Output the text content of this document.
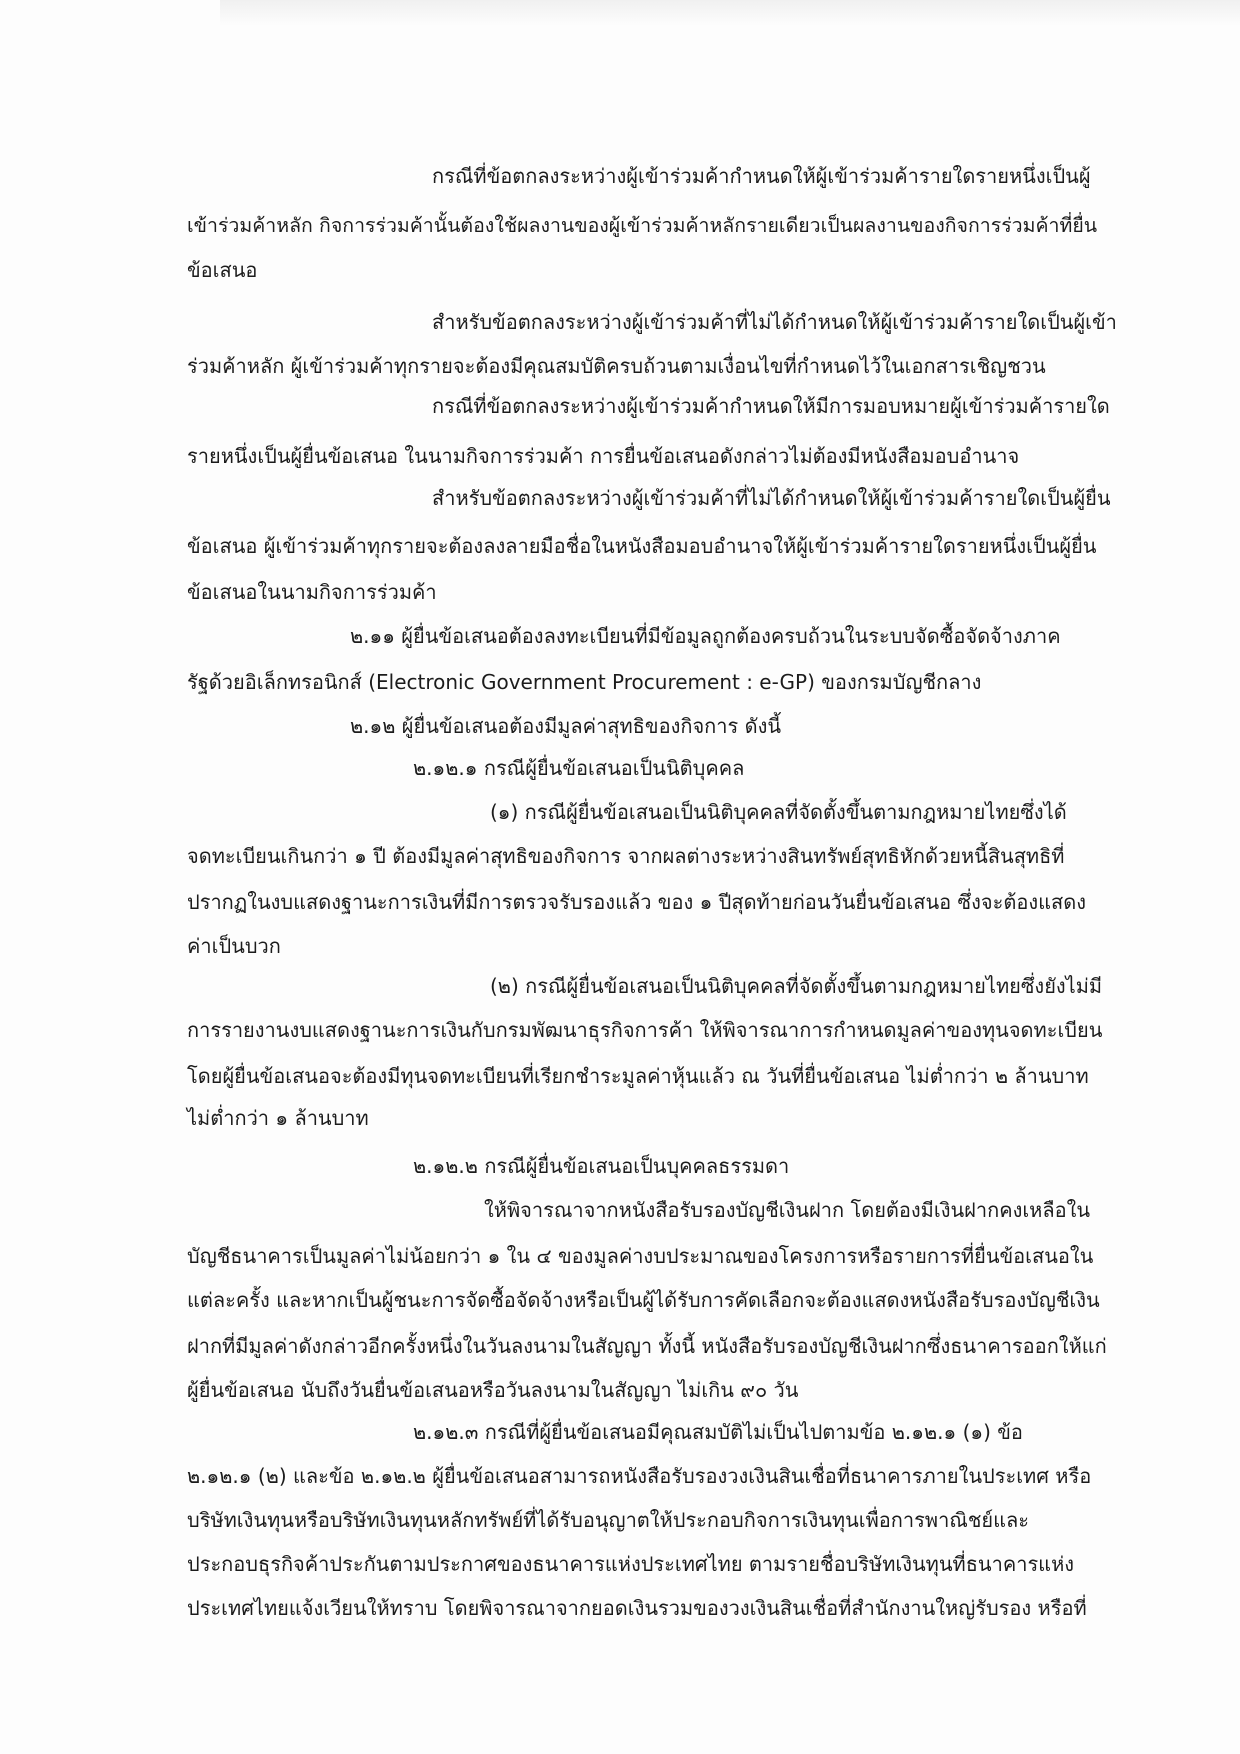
กรณีที่ข้อตกลงระหว่างผู้เข้าร่วมค้ากำหนดให้ผู้เข้าร่วมค้ารายใดรายหนึ่งเป็นผู้

เข้าร่วมค้าหลัก กิจการร่วมค้านั้นต้องใช้ผลงานของผู้เข้าร่วมค้าหลักรายเดียวเป็นผลงานของกิจการร่วมค้าที่ยื่น

ข้อเสนอ

สำหรับข้อตกลงระหว่างผู้เข้าร่วมค้าที่ไม่ได้กำหนดให้ผู้เข้าร่วมค้ารายใดเป็นผู้เข้า

ร่วมค้าหลัก ผู้เข้าร่วมค้าทุกรายจะต้องมีคุณสมบัติครบถ้วนตามเงื่อนไขที่กำหนดไว้ในเอกสารเชิญชวน

กรณีที่ข้อตกลงระหว่างผู้เข้าร่วมค้ากำหนดให้มีการมอบหมายผู้เข้าร่วมค้ารายใด

รายหนึ่งเป็นผู้ยื่นข้อเสนอ ในนามกิจการร่วมค้า การยื่นข้อเสนอดังกล่าวไม่ต้องมีหนังสือมอบอำนาจ

สำหรับข้อตกลงระหว่างผู้เข้าร่วมค้าที่ไม่ได้กำหนดให้ผู้เข้าร่วมค้ารายใดเป็นผู้ยื่น

ข้อเสนอ ผู้เข้าร่วมค้าทุกรายจะต้องลงลายมือชื่อในหนังสือมอบอำนาจให้ผู้เข้าร่วมค้ารายใดรายหนึ่งเป็นผู้ยื่น

ข้อเสนอในนามกิจการร่วมค้า

๒.๑๑ ผู้ยื่นข้อเสนอต้องลงทะเบียนที่มีข้อมูลถูกต้องครบถ้วนในระบบจัดซื้อจัดจ้างภาค

รัฐด้วยอิเล็กทรอนิกส์ (Electronic Government Procurement : e-GP) ของกรมบัญชีกลาง

๒.๑๒ ผู้ยื่นข้อเสนอต้องมีมูลค่าสุทธิของกิจการ ดังนี้

๒.๑๒.๑ กรณีผู้ยื่นข้อเสนอเป็นนิติบุคคล

(๑) กรณีผู้ยื่นข้อเสนอเป็นนิติบุคคลที่จัดตั้งขึ้นตามกฎหมายไทยซึ่งได้

จดทะเบียนเกินกว่า ๑ ปี ต้องมีมูลค่าสุทธิของกิจการ จากผลต่างระหว่างสินทรัพย์สุทธิหักด้วยหนี้สินสุทธิที่

ปรากฏในงบแสดงฐานะการเงินที่มีการตรวจรับรองแล้ว ของ ๑ ปีสุดท้ายก่อนวันยื่นข้อเสนอ ซึ่งจะต้องแสดง

ค่าเป็นบวก

(๒) กรณีผู้ยื่นข้อเสนอเป็นนิติบุคคลที่จัดตั้งขึ้นตามกฎหมายไทยซึ่งยังไม่มี

การรายงานงบแสดงฐานะการเงินกับกรมพัฒนาธุรกิจการค้า ให้พิจารณาการกำหนดมูลค่าของทุนจดทะเบียน

โดยผู้ยื่นข้อเสนอจะต้องมีทุนจดทะเบียนที่เรียกชำระมูลค่าหุ้นแล้ว ณ วันที่ยื่นข้อเสนอ ไม่ต่ำกว่า ๒ ล้านบาท

ไม่ต่ำกว่า ๑ ล้านบาท

๒.๑๒.๒ กรณีผู้ยื่นข้อเสนอเป็นบุคคลธรรมดา

ให้พิจารณาจากหนังสือรับรองบัญชีเงินฝาก โดยต้องมีเงินฝากคงเหลือใน

บัญชีธนาคารเป็นมูลค่าไม่น้อยกว่า ๑ ใน ๔ ของมูลค่างบประมาณของโครงการหรือรายการที่ยื่นข้อเสนอใน

แต่ละครั้ง และหากเป็นผู้ชนะการจัดซื้อจัดจ้างหรือเป็นผู้ได้รับการคัดเลือกจะต้องแสดงหนังสือรับรองบัญชีเงิน

ฝากที่มีมูลค่าดังกล่าวอีกครั้งหนึ่งในวันลงนามในสัญญา ทั้งนี้ หนังสือรับรองบัญชีเงินฝากซึ่งธนาคารออกให้แก่

ผู้ยื่นข้อเสนอ นับถึงวันยื่นข้อเสนอหรือวันลงนามในสัญญา ไม่เกิน ๙๐ วัน

๒.๑๒.๓ กรณีที่ผู้ยื่นข้อเสนอมีคุณสมบัติไม่เป็นไปตามข้อ ๒.๑๒.๑ (๑) ข้อ

๒.๑๒.๑ (๒) และข้อ ๒.๑๒.๒ ผู้ยื่นข้อเสนอสามารถหนังสือรับรองวงเงินสินเชื่อที่ธนาคารภายในประเทศ หรือ

บริษัทเงินทุนหรือบริษัทเงินทุนหลักทรัพย์ที่ได้รับอนุญาตให้ประกอบกิจการเงินทุนเพื่อการพาณิชย์และ

ประกอบธุรกิจค้าประกันตามประกาศของธนาคารแห่งประเทศไทย ตามรายชื่อบริษัทเงินทุนที่ธนาคารแห่ง

ประเทศไทยแจ้งเวียนให้ทราบ โดยพิจารณาจากยอดเงินรวมของวงเงินสินเชื่อที่สำนักงานใหญ่รับรอง หรือที่
